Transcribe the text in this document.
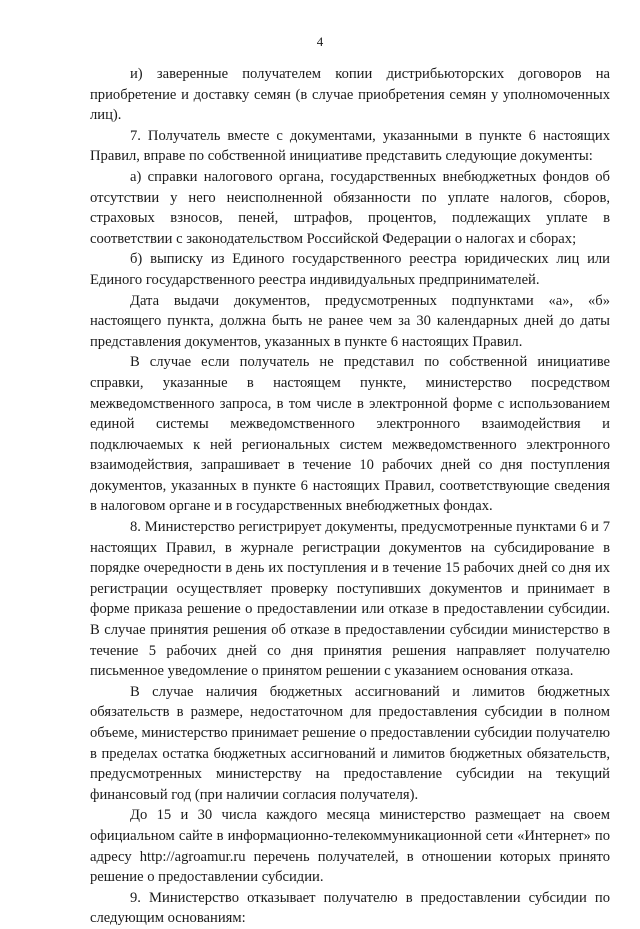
4

и) заверенные получателем копии дистрибьюторских договоров на приобретение и доставку семян (в случае приобретения семян у уполномоченных лиц).

7. Получатель вместе с документами, указанными в пункте 6 настоящих Правил, вправе по собственной инициативе представить следующие документы:

а) справки налогового органа, государственных внебюджетных фондов об отсутствии у него неисполненной обязанности по уплате налогов, сборов, страховых взносов, пеней, штрафов, процентов, подлежащих уплате в соответствии с законодательством Российской Федерации о налогах и сборах;

б) выписку из Единого государственного реестра юридических лиц или Единого государственного реестра индивидуальных предпринимателей.

Дата выдачи документов, предусмотренных подпунктами «а», «б» настоящего пункта, должна быть не ранее чем за 30 календарных дней до даты представления документов, указанных в пункте 6 настоящих Правил.

В случае если получатель не представил по собственной инициативе справки, указанные в настоящем пункте, министерство посредством межведомственного запроса, в том числе в электронной форме с использованием единой системы межведомственного электронного взаимодействия и подключаемых к ней региональных систем межведомственного электронного взаимодействия, запрашивает в течение 10 рабочих дней со дня поступления документов, указанных в пункте 6 настоящих Правил, соответствующие сведения в налоговом органе и в государственных внебюджетных фондах.

8. Министерство регистрирует документы, предусмотренные пунктами 6 и 7 настоящих Правил, в журнале регистрации документов на субсидирование в порядке очередности в день их поступления и в течение 15 рабочих дней со дня их регистрации осуществляет проверку поступивших документов и принимает в форме приказа решение о предоставлении или отказе в предоставлении субсидии. В случае принятия решения об отказе в предоставлении субсидии министерство в течение 5 рабочих дней со дня принятия решения направляет получателю письменное уведомление о принятом решении с указанием основания отказа.

В случае наличия бюджетных ассигнований и лимитов бюджетных обязательств в размере, недостаточном для предоставления субсидии в полном объеме, министерство принимает решение о предоставлении субсидии получателю в пределах остатка бюджетных ассигнований и лимитов бюджетных обязательств, предусмотренных министерству на предоставление субсидии на текущий финансовый год (при наличии согласия получателя).

До 15 и 30 числа каждого месяца министерство размещает на своем официальном сайте в информационно-телекоммуникационной сети «Интернет» по адресу http://agroamur.ru перечень получателей, в отношении которых принято решение о предоставлении субсидии.

9. Министерство отказывает получателю в предоставлении субсидии по следующим основаниям:
